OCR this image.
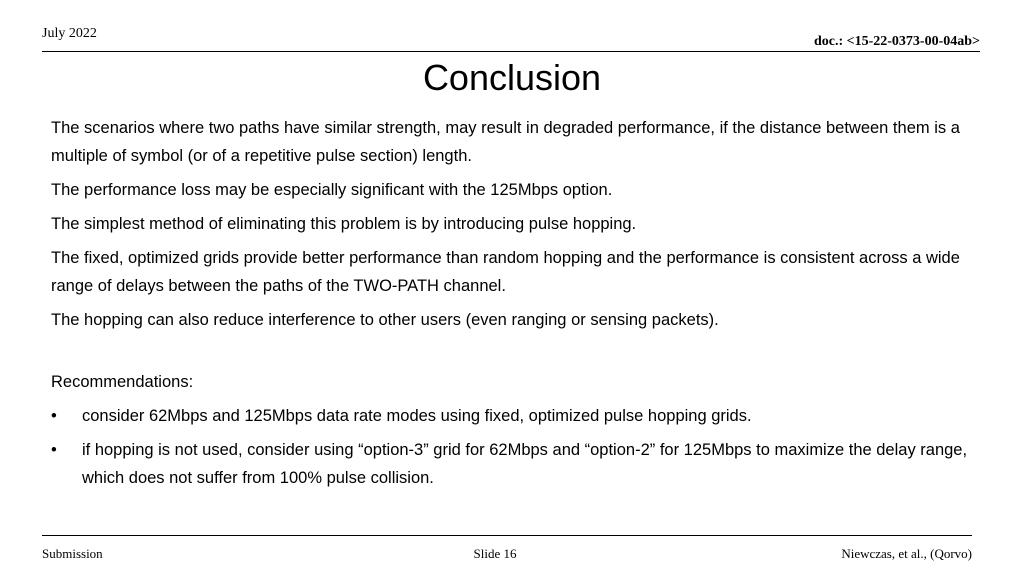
July 2022
doc.: <15-22-0373-00-04ab>
Conclusion

The scenarios where two paths have similar strength, may result in degraded performance, if the distance between them is a multiple of symbol (or of a repetitive pulse section) length.

The performance loss may be especially significant with the 125Mbps option.

The simplest method of eliminating this problem is by introducing pulse hopping.

The fixed, optimized grids provide better performance than random hopping and the performance is consistent across a wide range of delays between the paths of the TWO-PATH channel.

The hopping can also reduce interference to other users (even ranging or sensing packets).

Recommendations:

•	consider 62Mbps and 125Mbps data rate modes using fixed, optimized pulse hopping grids.
•	if hopping is not used, consider using “option-3” grid for 62Mbps and “option-2” for 125Mbps to maximize the delay range, which does not suffer from 100% pulse collision.
Submission	Slide 16	Niewczas, et al., (Qorvo)
